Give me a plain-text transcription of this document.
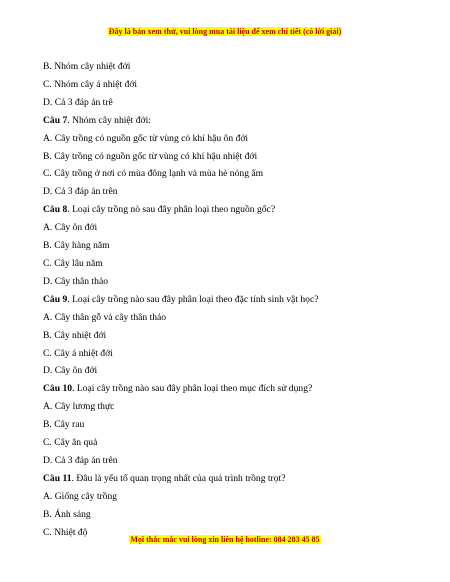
Đây là bản xem thử, vui lòng mua tài liệu để xem chi tiết (có lời giải)
B. Nhóm cây nhiệt đới
C. Nhóm cây á nhiệt đới
D. Cả 3 đáp án trê
Câu 7. Nhóm cây nhiệt đới:
A. Cây trồng có nguồn gốc từ vùng có khí hậu ôn đới
B. Cây trồng có nguồn gốc từ vùng có khí hậu nhiệt đới
C. Cây trồng ở nơi có mùa đông lạnh và mùa hè nóng ẩm
D. Cả 3 đáp án trên
Câu 8. Loại cây trồng nò sau đây phân loại theo nguồn gốc?
A. Cây ôn đới
B. Cây hàng năm
C. Cây lâu năm
D. Cây thân thảo
Câu 9. Loại cây trồng nào sau đây phân loại theo đặc tính sinh vật học?
A. Cây thân gỗ và cây thân thảo
B. Cây nhiệt đới
C. Cây á nhiệt đới
D. Cây ôn đới
Câu 10. Loại cây trồng nào sau đây phân loại theo mục đích sử dụng?
A. Cây lương thực
B. Cây rau
C. Cây ăn quả
D. Cả 3 đáp án trên
Câu 11. Đâu là yếu tố quan trọng nhất của quá trình trồng trọt?
A. Giống cây trồng
B. Ánh sáng
C. Nhiệt độ
Mọi thắc mắc vui lòng xin liên hệ hotline: 084 283 45 85
